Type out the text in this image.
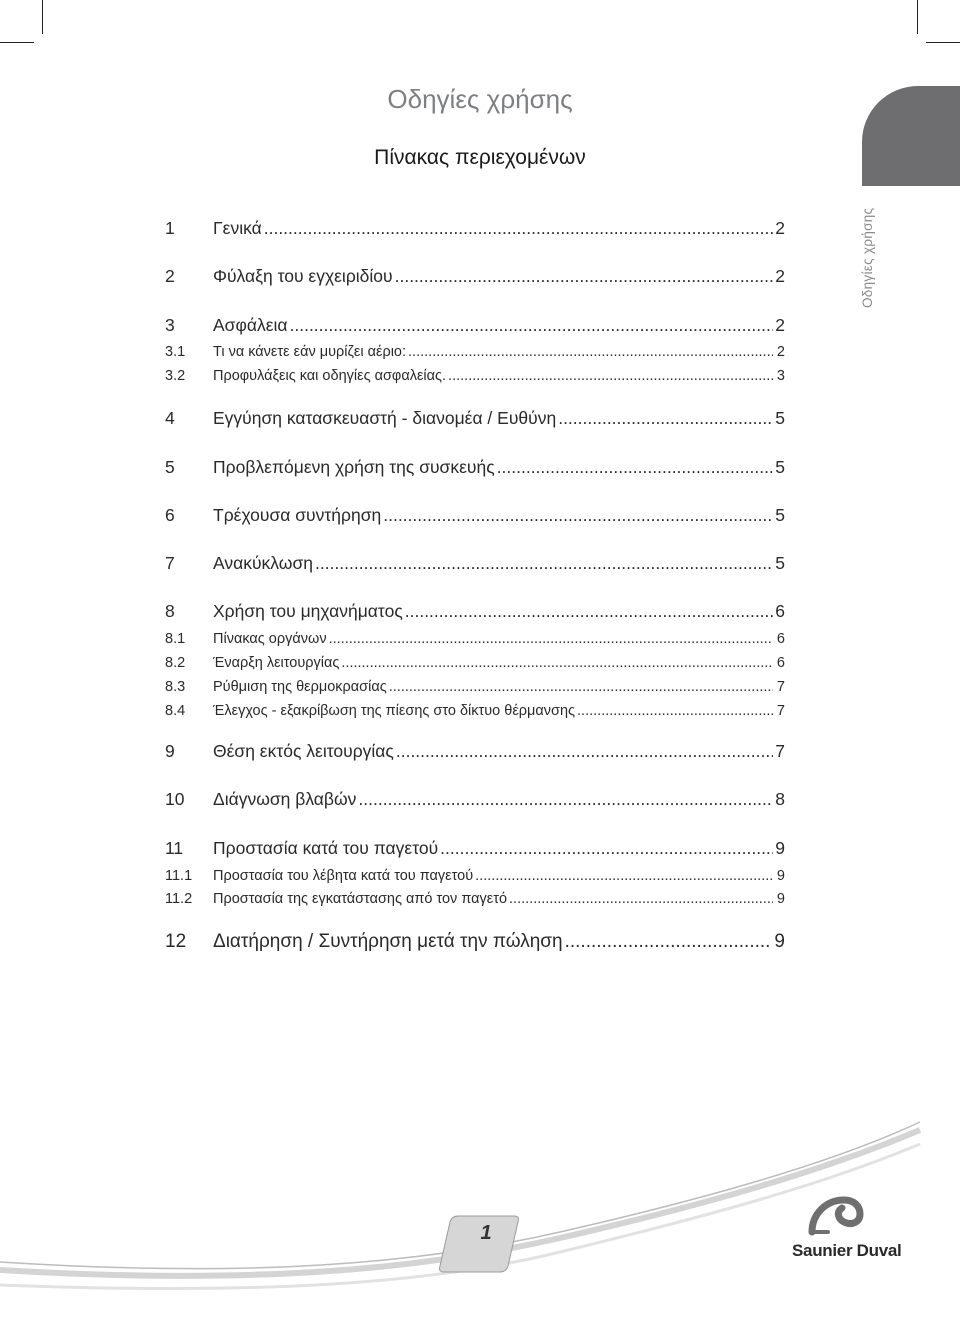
Οδηγίες χρήσης
Οδηγίες χρήσης
Πίνακας περιεχομένων
1	Γενικά .....	2
2	Φύλαξη του εγχειριδίου .....	2
3	Ασφάλεια .....	2
3.1	Τι να κάνετε εάν μυρίζει αέριο: .....	2
3.2	Προφυλάξεις και οδηγίες ασφαλείας. .....	3
4	Εγγύηση κατασκευαστή - διανομέα / Ευθύνη .....	5
5	Προβλεπόμενη χρήση της συσκευής .....	5
6	Τρέχουσα συντήρηση .....	5
7	Ανακύκλωση .....	5
8	Χρήση του μηχανήματος .....	6
8.1	Πίνακας οργάνων .....	6
8.2	Έναρξη λειτουργίας .....	6
8.3	Ρύθμιση της θερμοκρασίας .....	7
8.4	Έλεγχος - εξακρίβωση της πίεσης στο δίκτυο θέρμανσης .....	7
9	Θέση εκτός λειτουργίας .....	7
10	Διάγνωση βλαβών .....	8
11	Προστασία κατά του παγετού .....	9
11.1	Προστασία του λέβητα κατά του παγετού .....	9
11.2	Προστασία της εγκατάστασης από τον παγετό .....	9
12	Διατήρηση / Συντήρηση μετά την πώληση .....	9
1
Saunier Duval
